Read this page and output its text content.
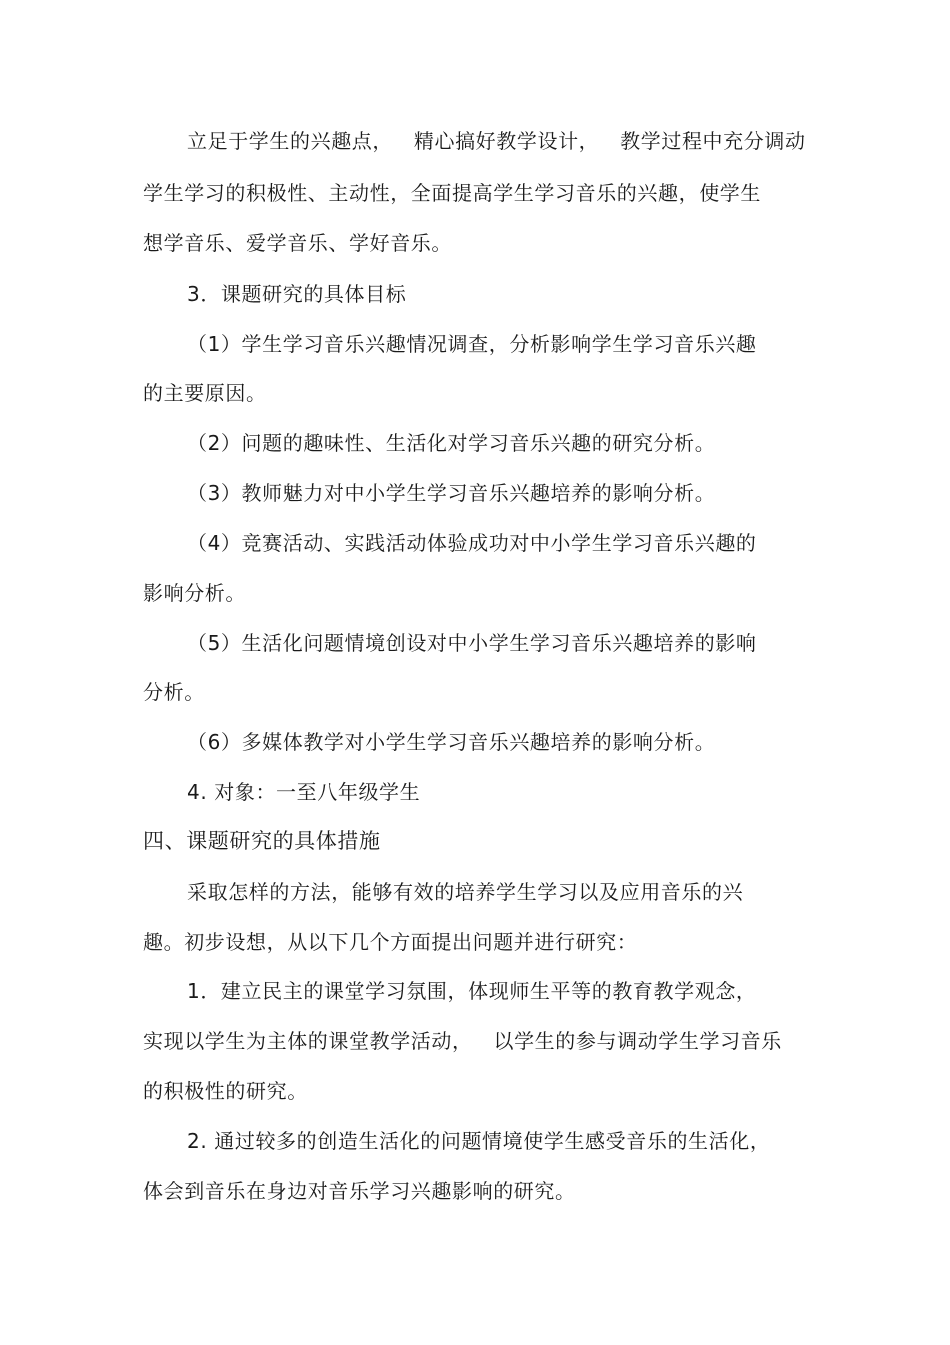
立足于学生的兴趣点，   精心搞好教学设计，   教学过程中充分调动
学生学习的积极性、主动性，全面提高学生学习音乐的兴趣，使学生
想学音乐、爱学音乐、学好音乐。
3．课题研究的具体目标
（1）学生学习音乐兴趣情况调查，分析影响学生学习音乐兴趣
的主要原因。
（2）问题的趣味性、生活化对学习音乐兴趣的研究分析。
（3）教师魅力对中小学生学习音乐兴趣培养的影响分析。
（4）竞赛活动、实践活动体验成功对中小学生学习音乐兴趣的
影响分析。
（5）生活化问题情境创设对中小学生学习音乐兴趣培养的影响
分析。
（6）多媒体教学对小学生学习音乐兴趣培养的影响分析。
4. 对象：一至八年级学生
四、课题研究的具体措施
采取怎样的方法，能够有效的培养学生学习以及应用音乐的兴
趣。初步设想，从以下几个方面提出问题并进行研究：
1．建立民主的课堂学习氛围，体现师生平等的教育教学观念，
实现以学生为主体的课堂教学活动，   以学生的参与调动学生学习音乐
的积极性的研究。
2. 通过较多的创造生活化的问题情境使学生感受音乐的生活化，
体会到音乐在身边对音乐学习兴趣影响的研究。
